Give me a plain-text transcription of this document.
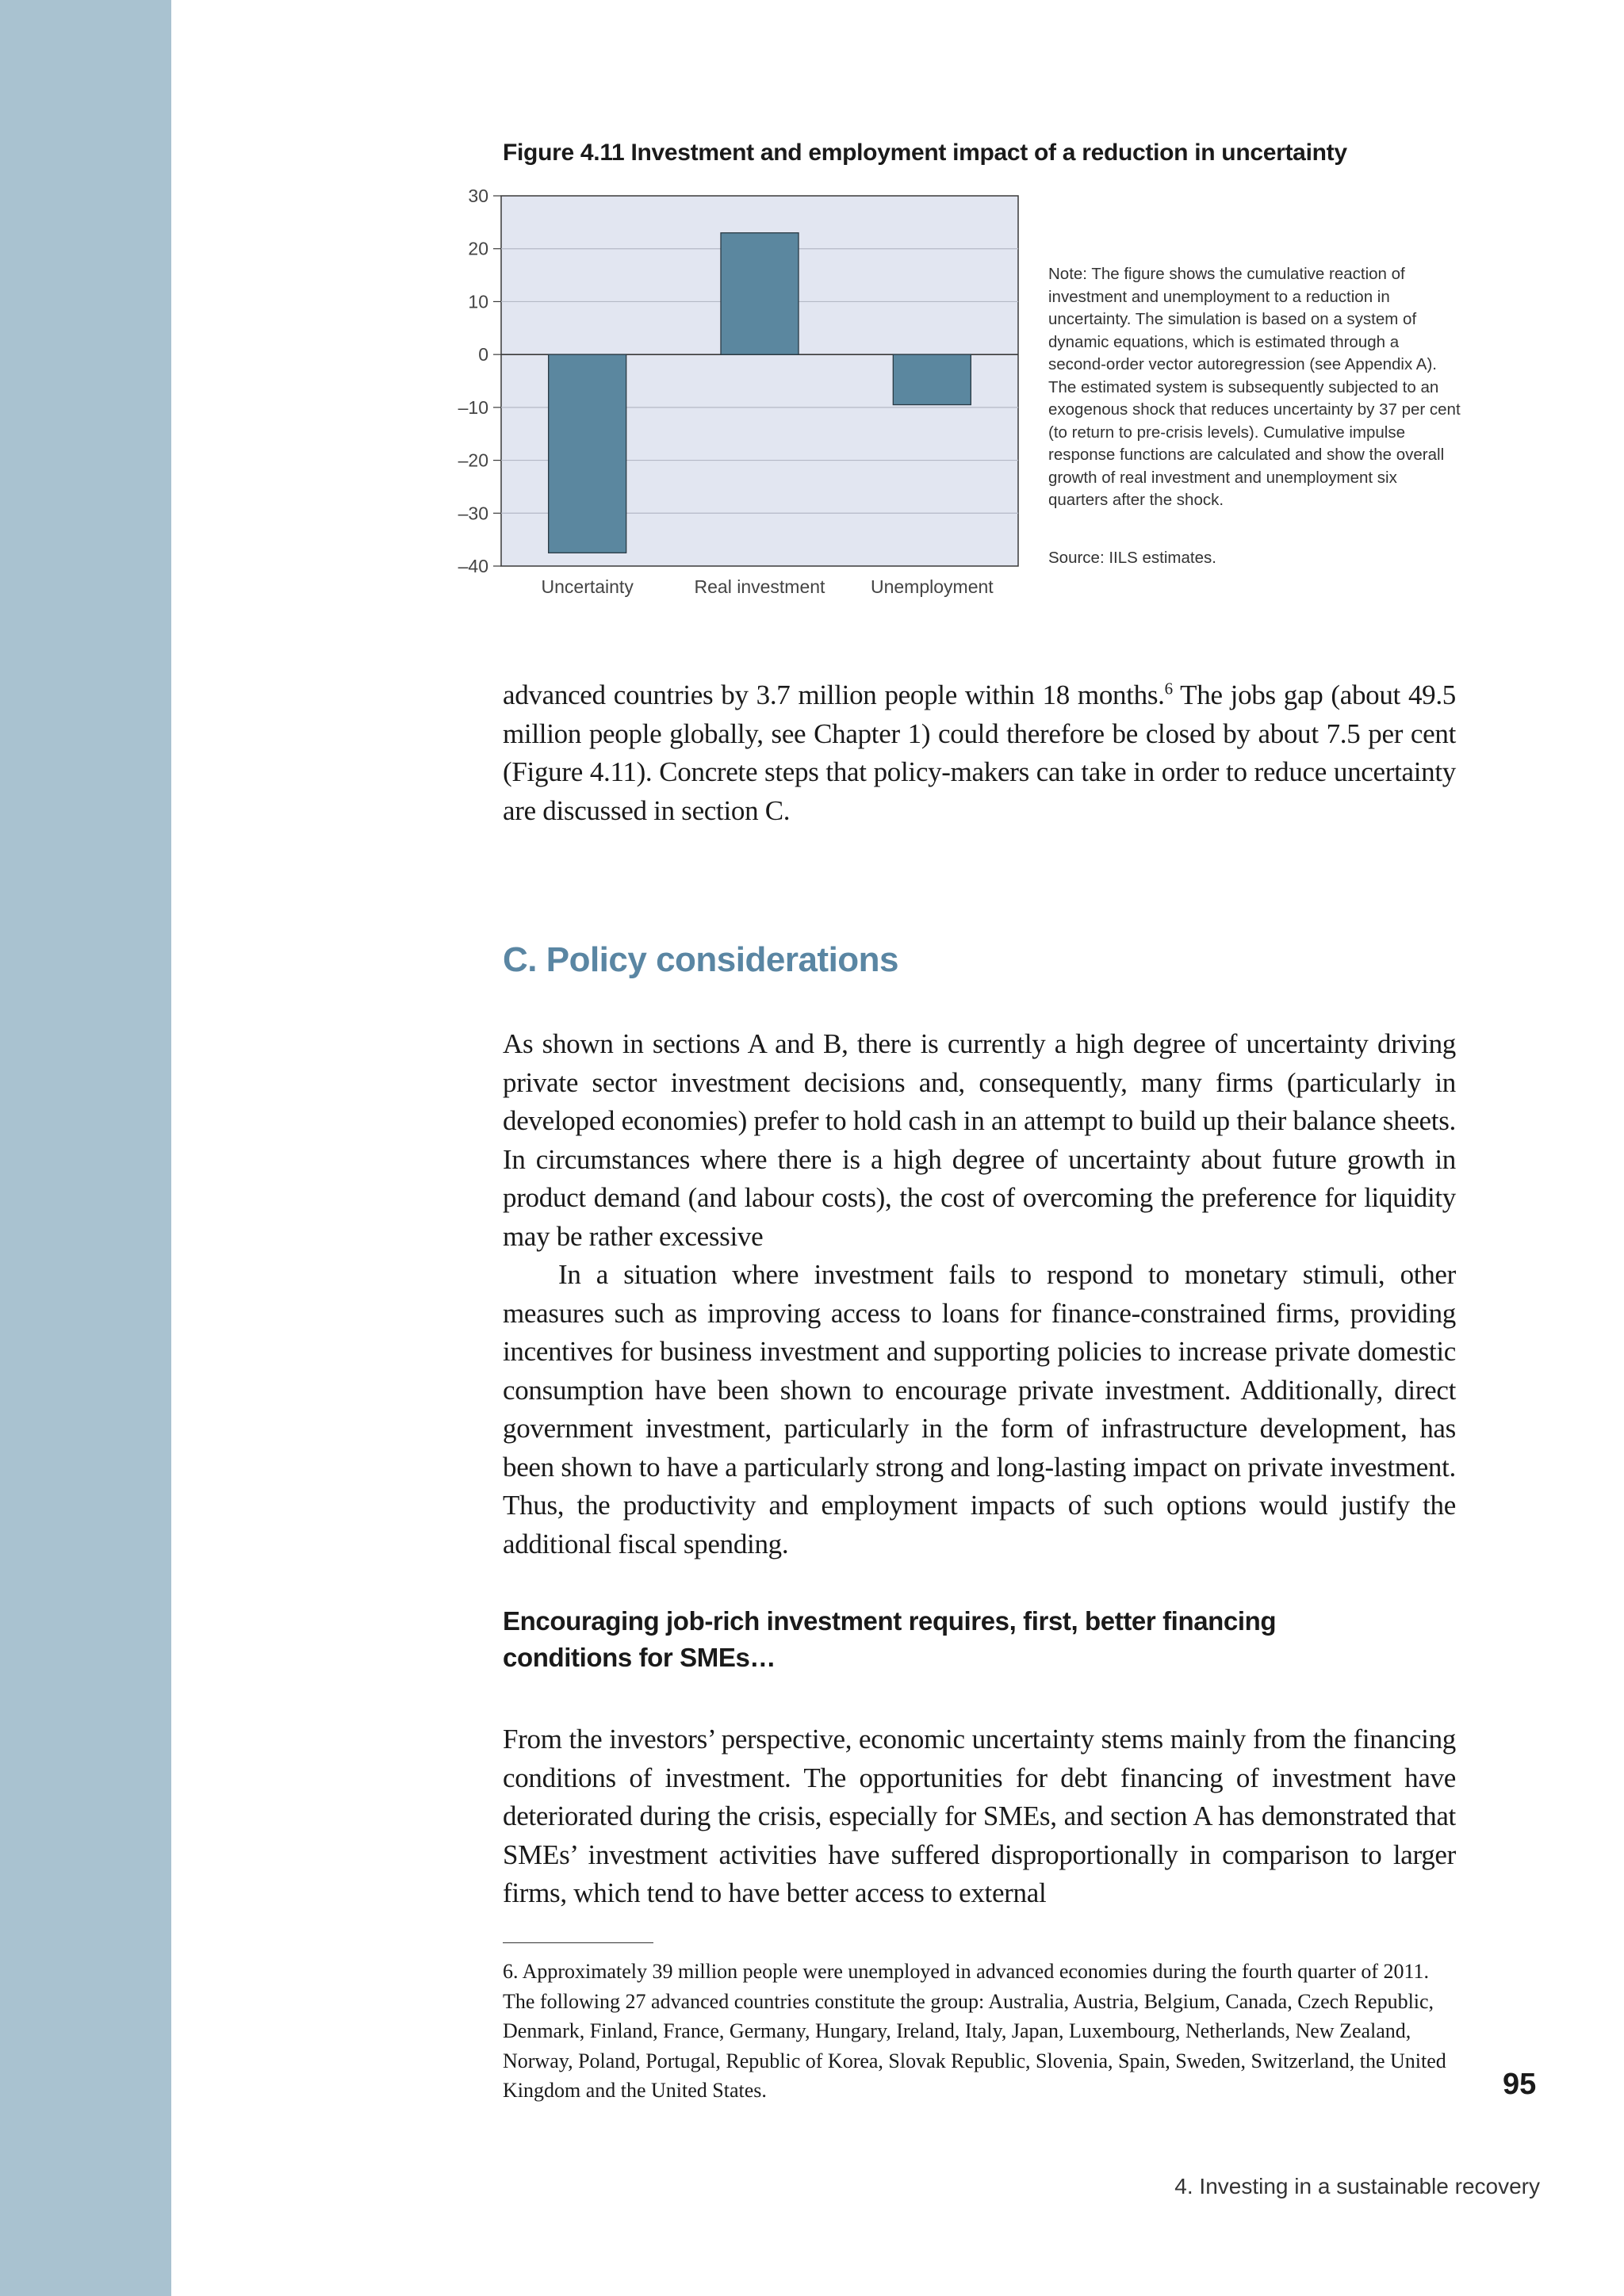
Figure 4.11 Investment and employment impact of a reduction in uncertainty
30
20
10
0
–10
–20
–30
–40
Uncertainty	Real investment	Unemployment
Note: The figure shows the cumulative reaction of investment and unemployment to a reduction in uncertainty. The simulation is based on a system of dynamic equations, which is estimated through a second-order vector autoregression (see Appendix A). The estimated system is subsequently subjected to an exogenous shock that reduces uncertainty by 37 per cent (to return to pre-crisis levels). Cumulative impulse response functions are calculated and show the overall growth of real investment and unemployment six quarters after the shock.
Source: IILS estimates.

advanced countries by 3.7 million people within 18 months.$^6$ The jobs gap (about 49.5 million people globally, see Chapter 1) could therefore be closed by about 7.5 per cent (Figure 4.11). Concrete steps that policy-makers can take in order to reduce uncertainty are discussed in section C.

C. Policy considerations

As shown in sections A and B, there is currently a high degree of uncertainty driving private sector investment decisions and, consequently, many firms (particularly in developed economies) prefer to hold cash in an attempt to build up their balance sheets. In circumstances where there is a high degree of uncertainty about future growth in product demand (and labour costs), the cost of overcoming the preference for liquidity may be rather excessive

In a situation where investment fails to respond to monetary stimuli, other measures such as improving access to loans for finance-constrained firms, providing incentives for business investment and supporting policies to increase private domestic consumption have been shown to encourage private investment. Additionally, direct government investment, particularly in the form of infrastructure development, has been shown to have a particularly strong and long-lasting impact on private investment. Thus, the productivity and employment impacts of such options would justify the additional fiscal spending.

Encouraging job-rich investment requires, first, better financing conditions for SMEs…

From the investors’ perspective, economic uncertainty stems mainly from the financing conditions of investment. The opportunities for debt financing of investment have deteriorated during the crisis, especially for SMEs, and section A has demonstrated that SMEs’ investment activities have suffered disproportionally in comparison to larger firms, which tend to have better access to external

6. Approximately 39 million people were unemployed in advanced economies during the fourth quarter of 2011. The following 27 advanced countries constitute the group: Australia, Austria, Belgium, Canada, Czech Republic, Denmark, Finland, France, Germany, Hungary, Ireland, Italy, Japan, Luxembourg, Netherlands, New Zealand, Norway, Poland, Portugal, Republic of Korea, Slovak Republic, Slovenia, Spain, Sweden, Switzerland, the United Kingdom and the United States.	95
4. Investing in a sustainable recovery
